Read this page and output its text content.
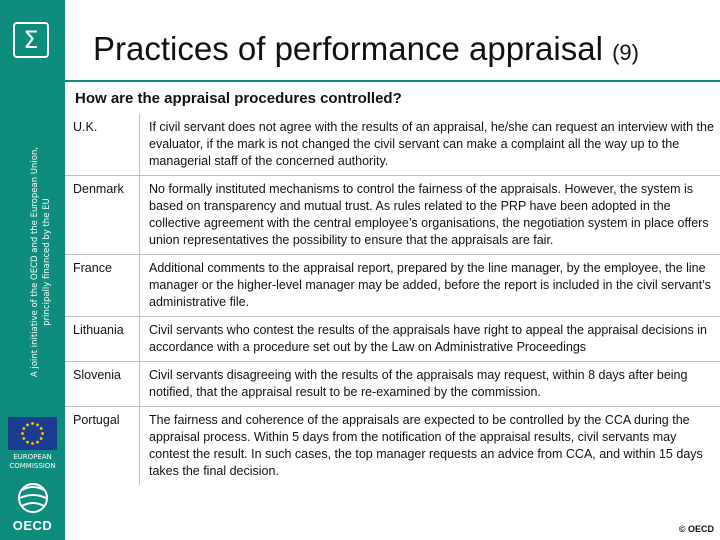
Σ
A joint initiative of the OECD and the European Union, principally financed by the EU
EUROPEAN
COMMISSION
OECD
Practices of performance appraisal (9)
How are the appraisal procedures controlled?
U.K.	If civil servant does not agree with the results of an appraisal, he/she can request an interview with the evaluator, if the mark is not changed the civil servant can make a complaint all the way up to the managerial staff of the concerned authority.
Denmark	No formally instituted mechanisms to control the fairness of the appraisals. However, the system is based on transparency and mutual trust. As rules related to the PRP have been adopted in the collective agreement with the central employee’s organisations, the negotiation system in place offers union representatives the possibility to ensure that the appraisals are fair.
France	Additional comments to the appraisal report, prepared by the line manager, by the employee, the line manager or the higher-level manager may be added, before the report is included in the civil servant’s administrative file.
Lithuania	Civil servants who contest the results of the appraisals have right to appeal the appraisal decisions in accordance with a procedure set out by the Law on Administrative Proceedings
Slovenia	Civil servants disagreeing with the results of the appraisals may request, within 8 days after being notified, that the appraisal result to be re-examined by the commission.
Portugal	The fairness and coherence of the appraisals are expected to be controlled by the CCA during the appraisal process. Within 5 days from the notification of the appraisal results, civil servants may contest the result. In such cases, the top manager requests an advice from CCA, and within 15 days takes the final decision.
© OECD
